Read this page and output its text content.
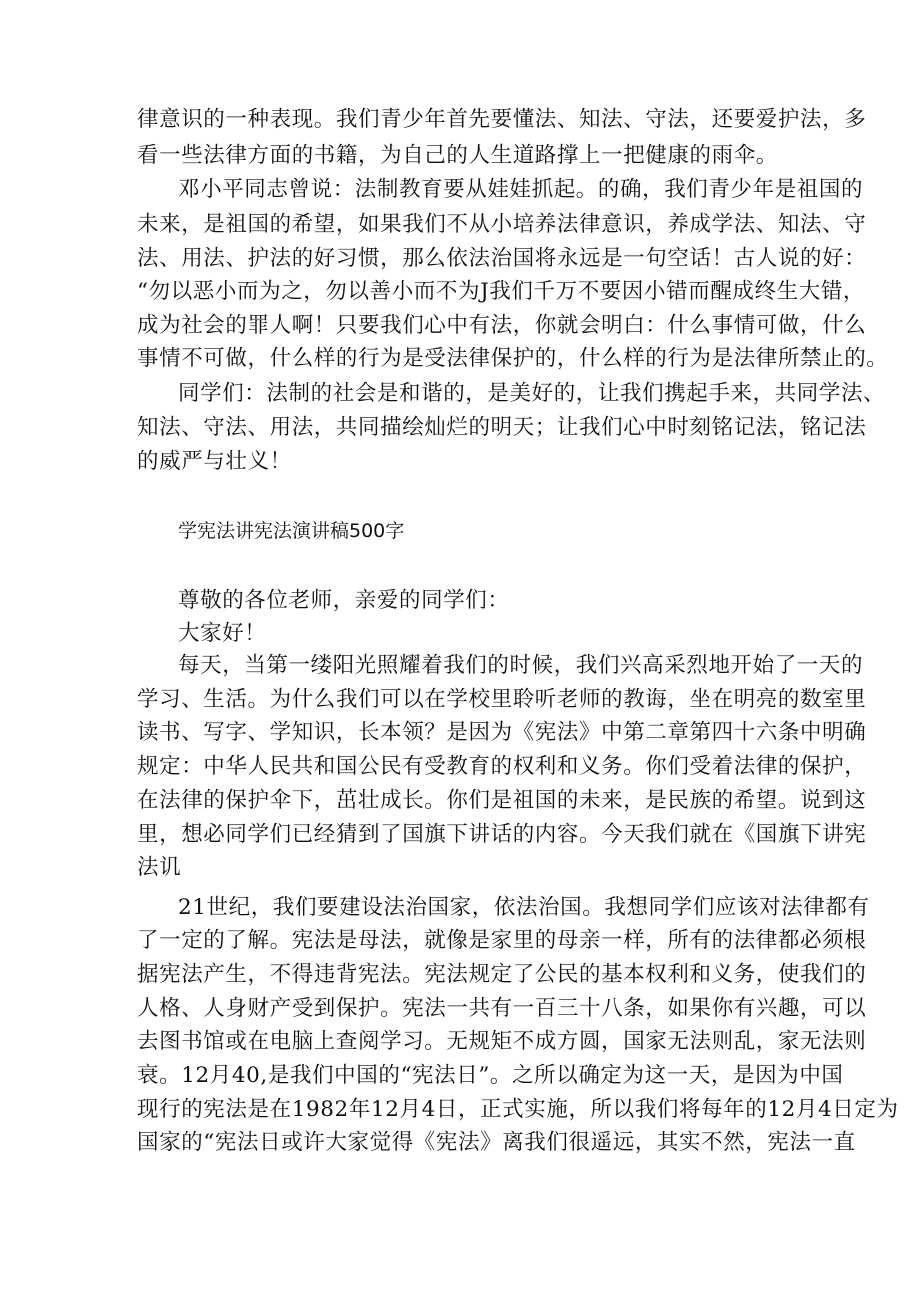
律意识的一种表现。我们青少年首先要懂法、知法、守法，还要爱护法，多
看一些法律方面的书籍，为自己的人生道路撑上一把健康的雨伞。
邓小平同志曾说：法制教育要从娃娃抓起。的确，我们青少年是祖国的
未来，是祖国的希望，如果我们不从小培养法律意识，养成学法、知法、守
法、用法、护法的好习惯，那么依法治国将永远是一句空话！古人说的好：
“勿以恶小而为之，勿以善小而不为J我们千万不要因小错而醒成终生大错，
成为社会的罪人啊！只要我们心中有法，你就会明白：什么事情可做，什么
事情不可做，什么样的行为是受法律保护的，什么样的行为是法律所禁止的。
同学们：法制的社会是和谐的，是美好的，让我们携起手来，共同学法、
知法、守法、用法，共同描绘灿烂的明天；让我们心中时刻铭记法，铭记法
的威严与壮义！
学宪法讲宪法演讲稿500字
尊敬的各位老师，亲爱的同学们：
大家好！
每天，当第一缕阳光照耀着我们的时候，我们兴高采烈地开始了一天的
学习、生活。为什么我们可以在学校里聆听老师的教诲，坐在明亮的数室里
读书、写字、学知识，长本领？是因为《宪法》中第二章第四十六条中明确
规定：中华人民共和国公民有受教育的权利和义务。你们受着法律的保护，
在法律的保护伞下，茁壮成长。你们是祖国的未来，是民族的希望。说到这
里，想必同学们已经猜到了国旗下讲话的内容。今天我们就在《国旗下讲宪
法讥
21世纪，我们要建设法治国家，依法治国。我想同学们应该对法律都有
了一定的了解。宪法是母法，就像是家里的母亲一样，所有的法律都必须根
据宪法产生，不得违背宪法。宪法规定了公民的基本权利和义务，使我们的
人格、人身财产受到保护。宪法一共有一百三十八条，如果你有兴趣，可以
去图书馆或在电脑上查阅学习。无规矩不成方圆，国家无法则乱，家无法则
衰。12月40,是我们中国的“宪法日”。之所以确定为这一天，是因为中国
现行的宪法是在1982年12月4日，正式实施，所以我们将每年的12月4日定为
国家的“宪法日或许大家觉得《宪法》离我们很遥远，其实不然，宪法一直
